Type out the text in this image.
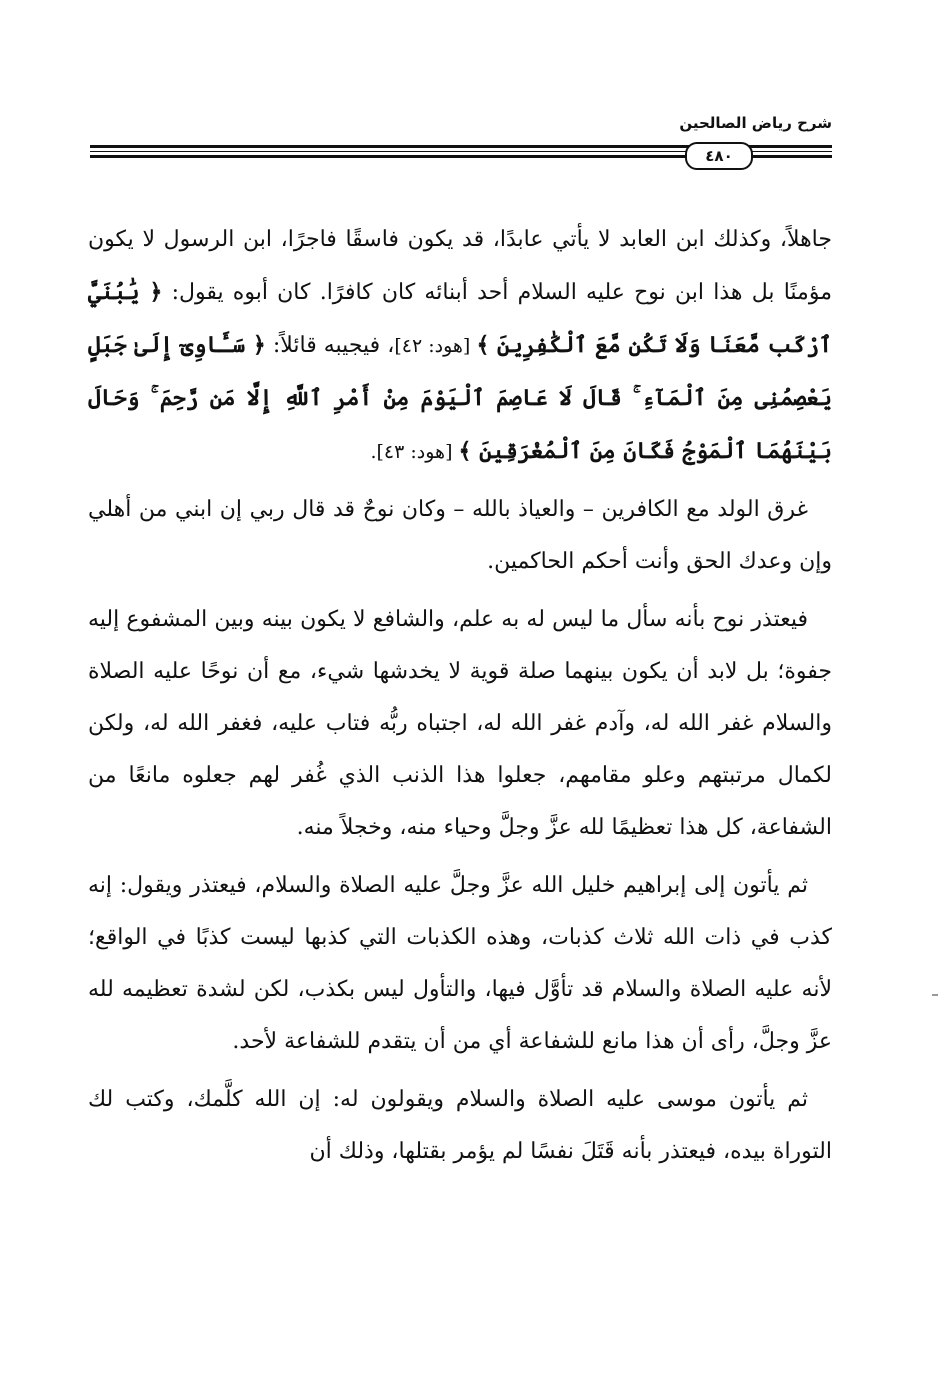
شرح رياض الصالحين
٤٨٠

جاهلاً، وكذلك ابن العابد لا يأتي عابدًا، قد يكون فاسقًا فاجرًا، ابن الرسول لا يكون مؤمنًا بل هذا ابن نوح عليه السلام أحد أبنائه كان كافرًا. كان أبوه يقول: ﴿ يَٰبُنَيَّ ٱرْكَب مَّعَنَا وَلَا تَكُن مَّعَ ٱلْكَٰفِرِينَ ﴾ [هود: ٤٢]، فيجيبه قائلاً: ﴿ سَـَٔاوِىٓ إِلَىٰ جَبَلٍ يَعْصِمُنِى مِنَ ٱلْمَآءِ ۚ قَالَ لَا عَاصِمَ ٱلْيَوْمَ مِنْ أَمْرِ ٱللَّهِ إِلَّا مَن رَّحِمَ ۚ وَحَالَ بَيْنَهُمَا ٱلْمَوْجُ فَكَانَ مِنَ ٱلْمُغْرَقِينَ ﴾ [هود: ٤٣].

غرق الولد مع الكافرين – والعياذ بالله – وكان نوحٌ قد قال ربي إن ابني من أهلي وإن وعدك الحق وأنت أحكم الحاكمين.

فيعتذر نوح بأنه سأل ما ليس له به علم، والشافع لا يكون بينه وبين المشفوع إليه جفوة؛ بل لابد أن يكون بينهما صلة قوية لا يخدشها شيء، مع أن نوحًا عليه الصلاة والسلام غفر الله له، وآدم غفر الله له، اجتباه ربُّه فتاب عليه، فغفر الله له، ولكن لكمال مرتبتهم وعلو مقامهم، جعلوا هذا الذنب الذي غُفر لهم جعلوه مانعًا من الشفاعة، كل هذا تعظيمًا لله عزَّ وجلَّ وحياء منه، وخجلاً منه.

ثم يأتون إلى إبراهيم خليل الله عزَّ وجلَّ عليه الصلاة والسلام، فيعتذر ويقول: إنه كذب في ذات الله ثلاث كذبات، وهذه الكذبات التي كذبها ليست كذبًا في الواقع؛ لأنه عليه الصلاة والسلام قد تأوَّل فيها، والتأول ليس بكذب، لكن لشدة تعظيمه لله عزَّ وجلَّ، رأى أن هذا مانع للشفاعة أي من أن يتقدم للشفاعة لأحد.

ثم يأتون موسى عليه الصلاة والسلام ويقولون له: إن الله كلَّمك، وكتب لك التوراة بيده، فيعتذر بأنه قَتَلَ نفسًا لم يؤمر بقتلها، وذلك أن
